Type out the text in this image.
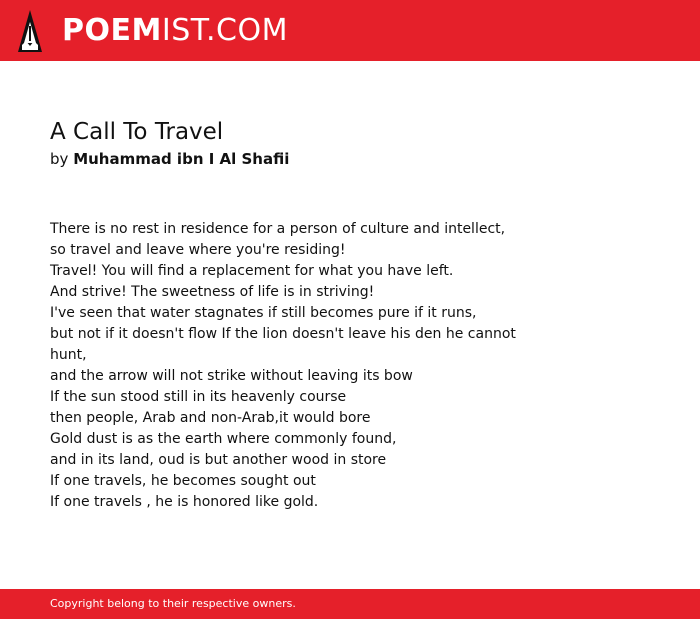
POEMIST.COM
A Call To Travel
by Muhammad ibn I Al Shafii
There is no rest in residence for a person of culture and intellect,
so travel and leave where you're residing!
Travel! You will find a replacement for what you have left.
And strive! The sweetness of life is in striving!
I've seen that water stagnates if still becomes pure if it runs,
but not if it doesn't flow If the lion doesn't leave his den he cannot
hunt,
and the arrow will not strike without leaving its bow
If the sun stood still in its heavenly course
then people, Arab and non-Arab,it would bore
Gold dust is as the earth where commonly found,
and in its land, oud is but another wood in store
If one travels, he becomes sought out
If one travels , he is honored like gold.
Copyright belong to their respective owners.
